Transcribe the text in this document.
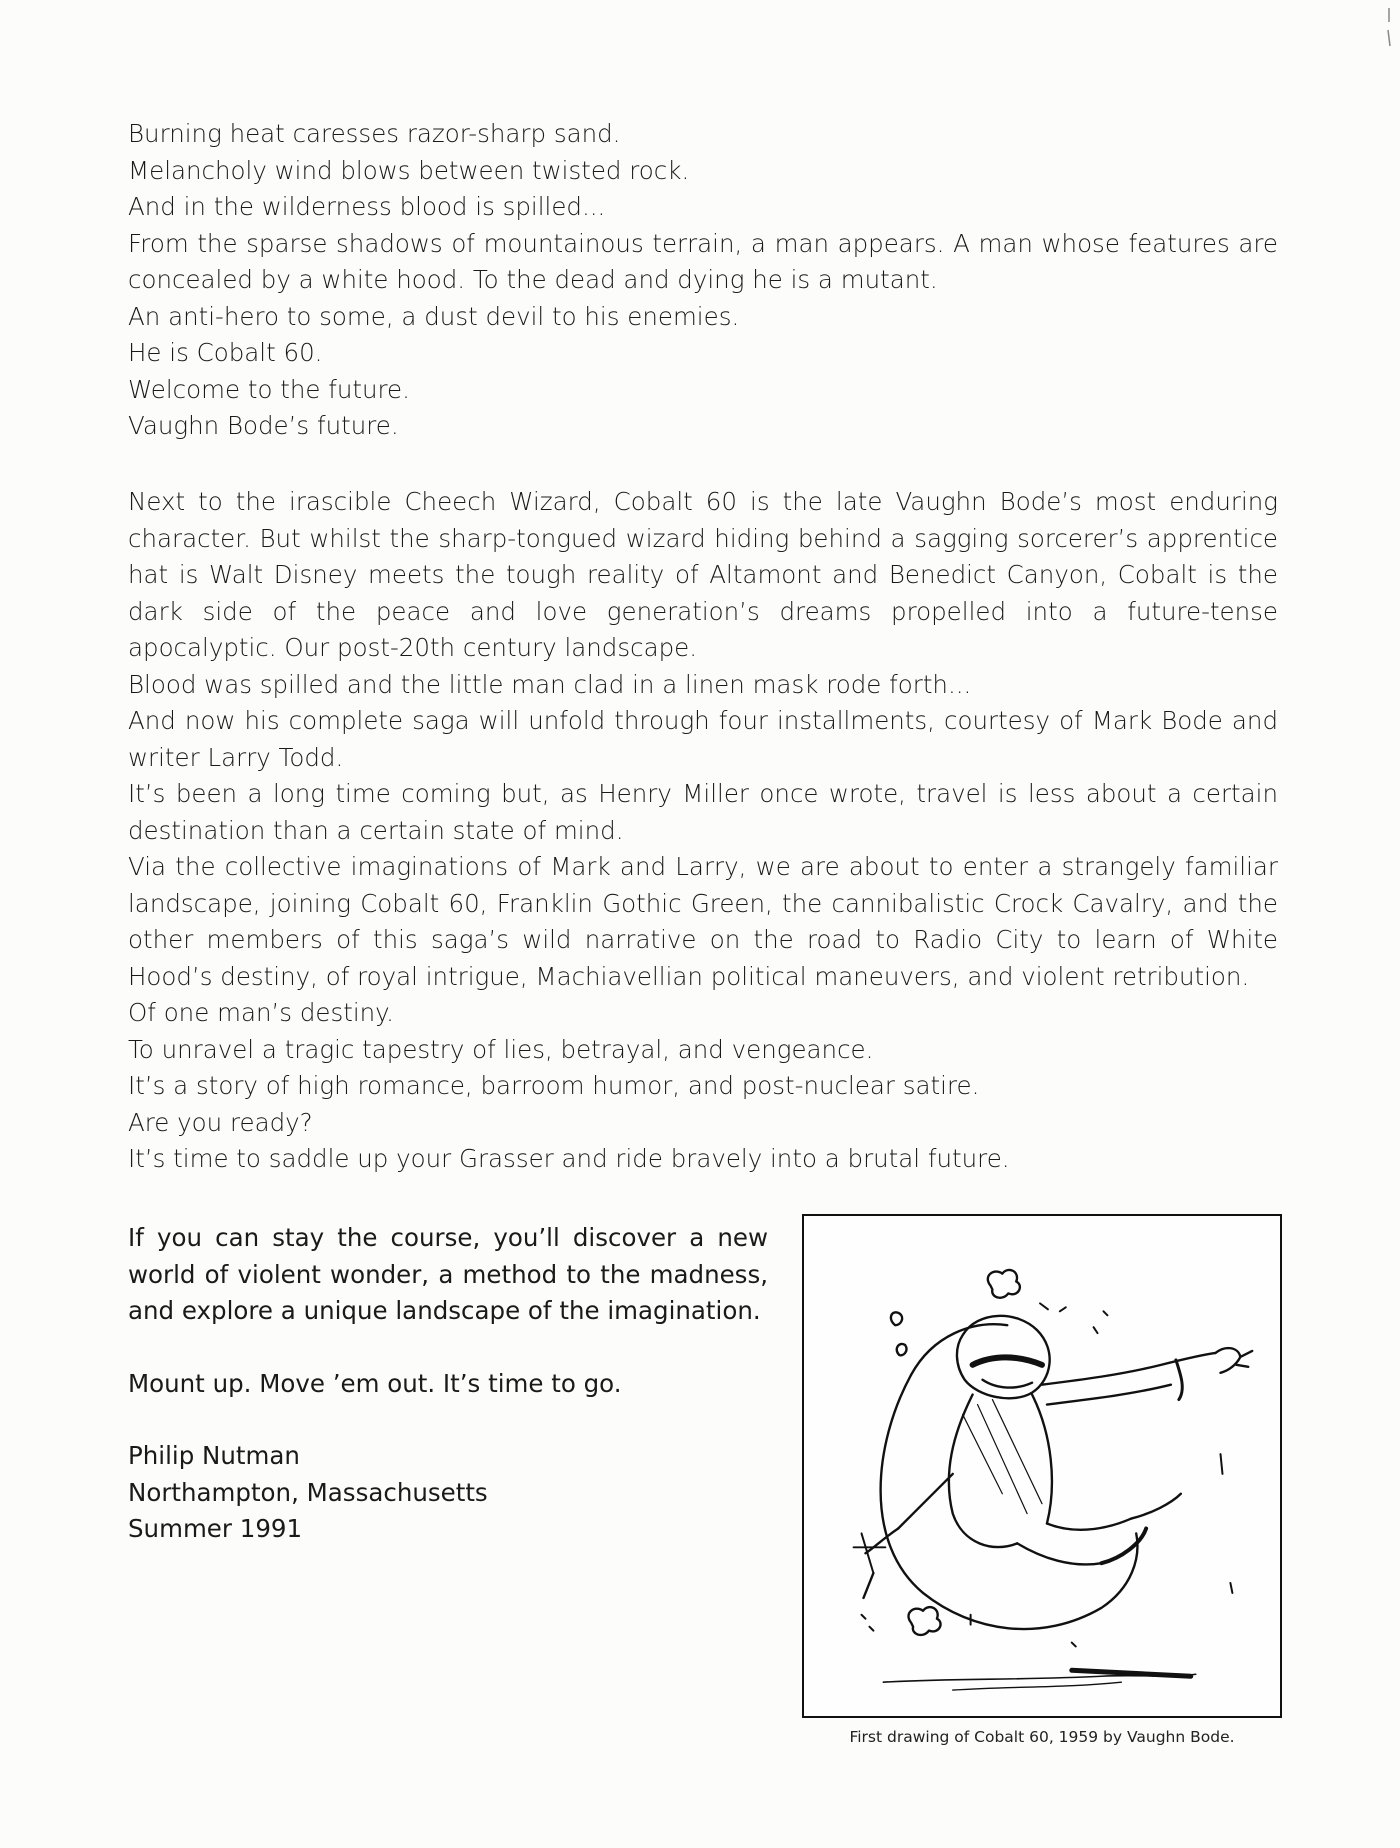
Burning heat caresses razor-sharp sand.

Melancholy wind blows between twisted rock.

And in the wilderness blood is spilled...

From the sparse shadows of mountainous terrain, a man appears. A man whose features are concealed by a white hood. To the dead and dying he is a mutant.

An anti-hero to some, a dust devil to his enemies.

He is Cobalt 60.

Welcome to the future.

Vaughn Bode’s future.

Next to the irascible Cheech Wizard, Cobalt 60 is the late Vaughn Bode’s most enduring character. But whilst the sharp-tongued wizard hiding behind a sagging sorcerer’s apprentice hat is Walt Disney meets the tough reality of Altamont and Benedict Canyon, Cobalt is the dark side of the peace and love generation’s dreams propelled into a future-tense apocalyptic. Our post-20th century landscape.

Blood was spilled and the little man clad in a linen mask rode forth...

And now his complete saga will unfold through four installments, courtesy of Mark Bode and writer Larry Todd.

It’s been a long time coming but, as Henry Miller once wrote, travel is less about a certain destination than a certain state of mind.

Via the collective imaginations of Mark and Larry, we are about to enter a strangely familiar landscape, joining Cobalt 60, Franklin Gothic Green, the cannibalistic Crock Cavalry, and the other members of this saga’s wild narrative on the road to Radio City to learn of White Hood’s destiny, of royal intrigue, Machiavellian political maneuvers, and violent retribution.

Of one man’s destiny.

To unravel a tragic tapestry of lies, betrayal, and vengeance.

It’s a story of high romance, barroom humor, and post-nuclear satire.

Are you ready?

It’s time to saddle up your Grasser and ride bravely into a brutal future.

If you can stay the course, you’ll discover a new world of violent wonder, a method to the madness, and explore a unique landscape of the imagination.

Mount up. Move ’em out. It’s time to go.

Philip Nutman

Northampton, Massachusetts

Summer 1991

First drawing of Cobalt 60, 1959 by Vaughn Bode.
